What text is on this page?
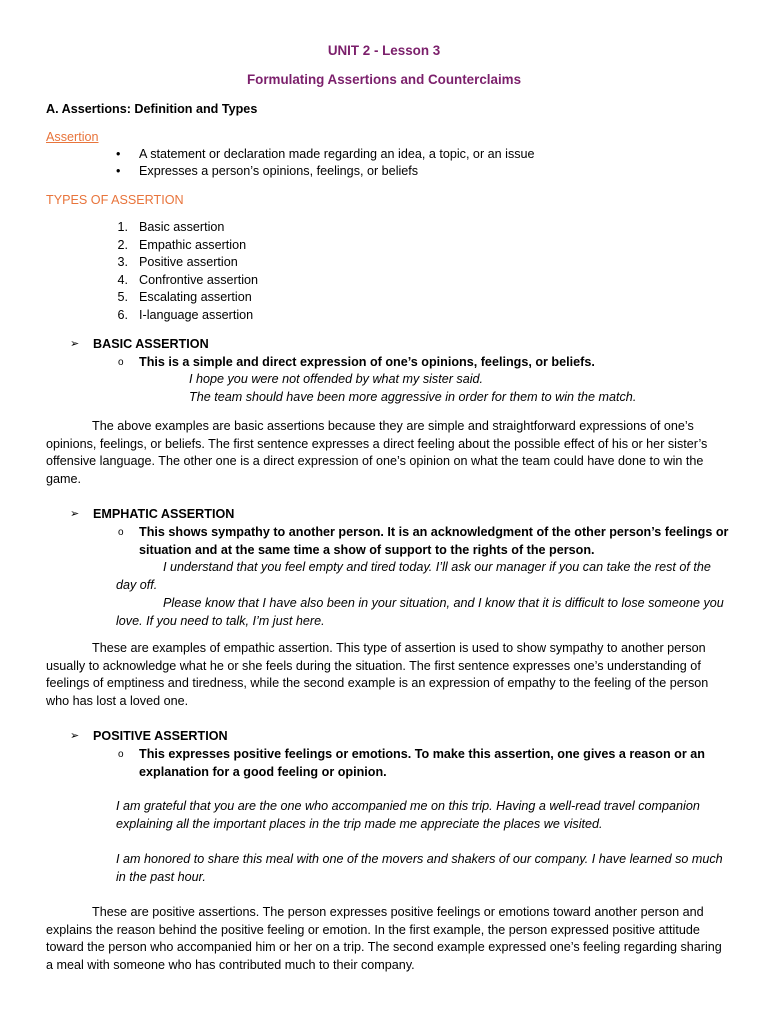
UNIT 2 - Lesson 3
Formulating Assertions and Counterclaims
A. Assertions: Definition and Types
Assertion
• A statement or declaration made regarding an idea, a topic, or an issue
• Expresses a person’s opinions, feelings, or beliefs
TYPES OF ASSERTION
1. Basic assertion
2. Empathic assertion
3. Positive assertion
4. Confrontive assertion
5. Escalating assertion
6. I-language assertion
➢ BASIC ASSERTION
o This is a simple and direct expression of one’s opinions, feelings, or beliefs.
I hope you were not offended by what my sister said.
The team should have been more aggressive in order for them to win the match.
The above examples are basic assertions because they are simple and straightforward expressions of one’s opinions, feelings, or beliefs. The first sentence expresses a direct feeling about the possible effect of his or her sister’s offensive language. The other one is a direct expression of one’s opinion on what the team could have done to win the game.
➢ EMPHATIC ASSERTION
o This shows sympathy to another person. It is an acknowledgment of the other person’s feelings or situation and at the same time a show of support to the rights of the person.
I understand that you feel empty and tired today. I’ll ask our manager if you can take the rest of the day off.
Please know that I have also been in your situation, and I know that it is difficult to lose someone you love. If you need to talk, I’m just here.
These are examples of empathic assertion. This type of assertion is used to show sympathy to another person usually to acknowledge what he or she feels during the situation. The first sentence expresses one’s understanding of feelings of emptiness and tiredness, while the second example is an expression of empathy to the feeling of the person who has lost a loved one.
➢ POSITIVE ASSERTION
o This expresses positive feelings or emotions. To make this assertion, one gives a reason or an explanation for a good feeling or opinion.
I am grateful that you are the one who accompanied me on this trip. Having a well-read travel companion explaining all the important places in the trip made me appreciate the places we visited.
I am honored to share this meal with one of the movers and shakers of our company. I have learned so much in the past hour.
These are positive assertions. The person expresses positive feelings or emotions toward another person and explains the reason behind the positive feeling or emotion. In the first example, the person expressed positive attitude toward the person who accompanied him or her on a trip. The second example expressed one’s feeling regarding sharing a meal with someone who has contributed much to their company.
